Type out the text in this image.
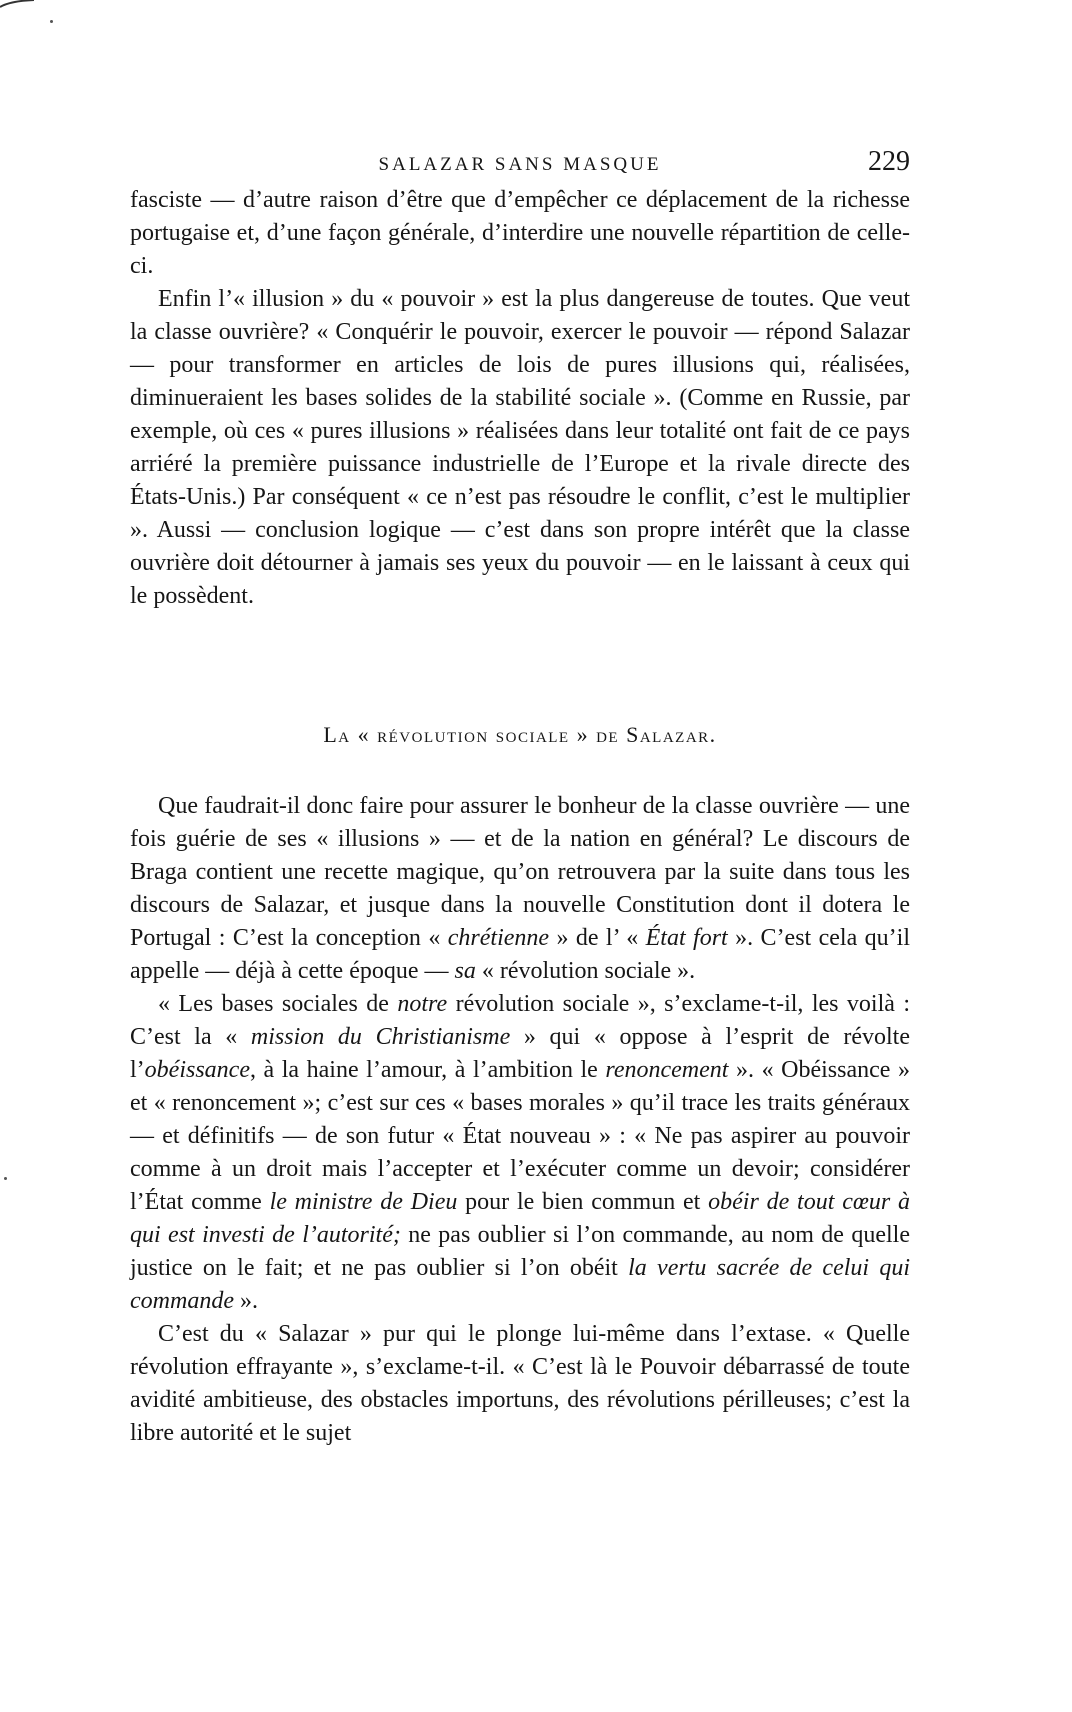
SALAZAR SANS MASQUE	229

fasciste — d’autre raison d’être que d’empêcher ce déplacement de la richesse portugaise et, d’une façon générale, d’interdire une nouvelle répartition de celle-ci.

Enfin l’« illusion » du « pouvoir » est la plus dangereuse de toutes. Que veut la classe ouvrière? « Conquérir le pouvoir, exercer le pouvoir — répond Salazar — pour transformer en articles de lois de pures illusions qui, réalisées, diminueraient les bases solides de la stabilité sociale ». (Comme en Russie, par exemple, où ces « pures illusions » réalisées dans leur totalité ont fait de ce pays arriéré la première puissance industrielle de l’Europe et la rivale directe des États-Unis.) Par conséquent « ce n’est pas résoudre le conflit, c’est le multiplier ». Aussi — conclusion logique — c’est dans son propre intérêt que la classe ouvrière doit détourner à jamais ses yeux du pouvoir — en le laissant à ceux qui le possèdent.

La « révolution sociale » de Salazar.

Que faudrait-il donc faire pour assurer le bonheur de la classe ouvrière — une fois guérie de ses « illusions » — et de la nation en général? Le discours de Braga contient une recette magique, qu’on retrouvera par la suite dans tous les discours de Salazar, et jusque dans la nouvelle Constitution dont il dotera le Portugal : C’est la conception « chrétienne » de l’ « État fort ». C’est cela qu’il appelle — déjà à cette époque — sa « révolution sociale ».

« Les bases sociales de notre révolution sociale », s’exclame-t-il, les voilà : C’est la « mission du Christianisme » qui « oppose à l’esprit de révolte l’obéissance, à la haine l’amour, à l’ambition le renoncement ». « Obéissance » et « renoncement »; c’est sur ces « bases morales » qu’il trace les traits généraux — et définitifs — de son futur « État nouveau » : « Ne pas aspirer au pouvoir comme à un droit mais l’accepter et l’exécuter comme un devoir; considérer l’État comme le ministre de Dieu pour le bien commun et obéir de tout cœur à qui est investi de l’autorité; ne pas oublier si l’on commande, au nom de quelle justice on le fait; et ne pas oublier si l’on obéit la vertu sacrée de celui qui commande ».

C’est du « Salazar » pur qui le plonge lui-même dans l’extase. « Quelle révolution effrayante », s’exclame-t-il. « C’est là le Pouvoir débarrassé de toute avidité ambitieuse, des obstacles importuns, des révolutions périlleuses; c’est la libre autorité et le sujet
